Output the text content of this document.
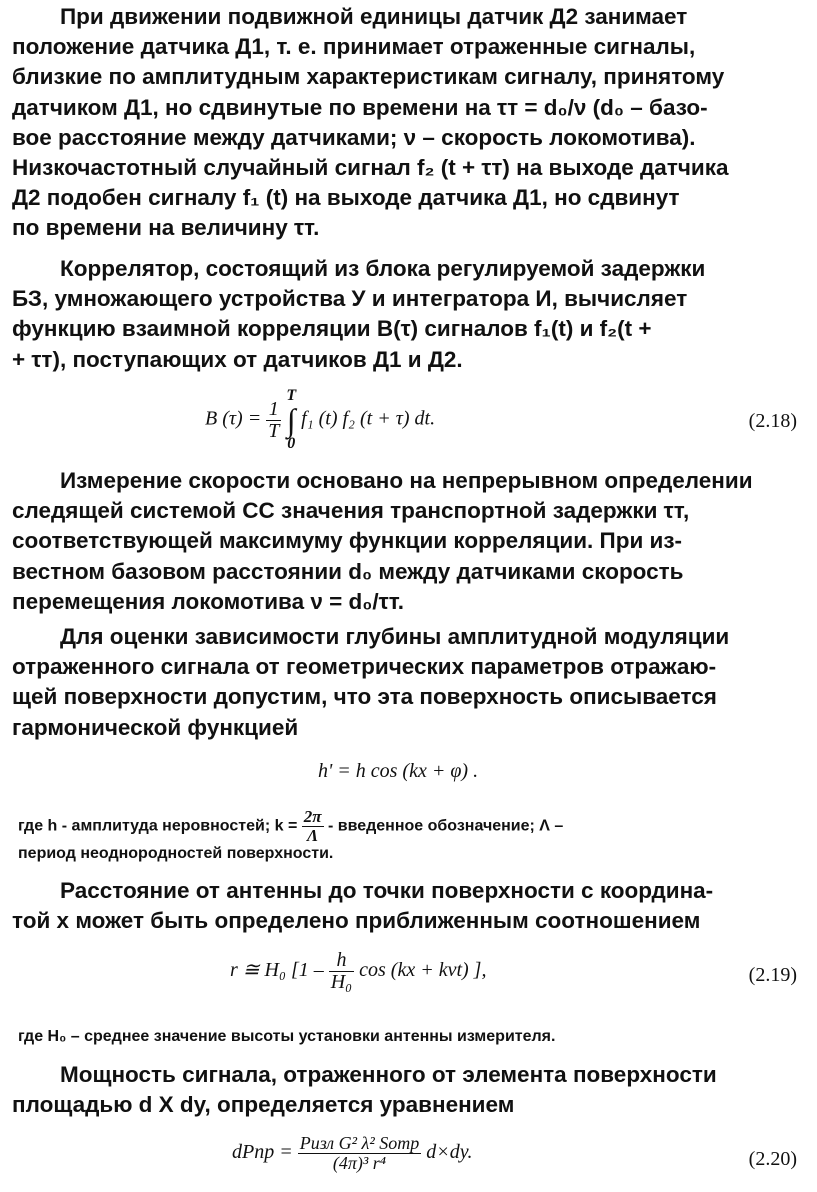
При движении подвижной единицы датчик Д2 занимает
положение датчика Д1, т. е. принимает отраженные сигналы,
близкие по амплитудным характеристикам сигналу, принятому
датчиком Д1, но сдвинутые по времени на τт = d₀/ν (d₀ – базо-
вое расстояние между датчиками; ν – скорость локомотива).
Низкочастотный случайный сигнал f₂ (t + τт) на выходе датчика
Д2 подобен сигналу f₁ (t) на выходе датчика Д1, но сдвинут
по времени на величину τт.
Коррелятор, состоящий из блока регулируемой задержки
БЗ, умножающего устройства У и интегратора И, вычисляет
функцию взаимной корреляции B(τ) сигналов f₁(t) и f₂(t +
+ τт), поступающих от датчиков Д1 и Д2.
B $(\tau) = \frac{1}{T}$

T
∫
0
f₁ (t) f₂ (t + τ) dt.	(2.18)
Измерение скорости основано на непрерывном определении
следящей системой СС значения транспортной задержки τт,
соответствующей максимуму функции корреляции. При из-
вестном базовом расстоянии d₀ между датчиками скорость
перемещения локомотива ν = d₀/τт.
Для оценки зависимости глубины амплитудной модуляции
отраженного сигнала от геометрических параметров отражаю-
щей поверхности допустим, что эта поверхность описывается
гармонической функцией
h' = h cos (kx + φ) .
где h - амплитуда неровностей; $k = \frac{2\pi}{\Lambda}$ - введенное обозначение; Λ –
период неоднородностей поверхности.
Расстояние от антенны до точки поверхности с координа-
той x может быть определено приближенным соотношением
r ≅ H₀ [$1 - \frac{h}{\text{H₀}}$ cos (kx + kνt) ],	(2.19)
где H₀ – среднее значение высоты установки антенны измерителя.
Мощность сигнала, отраженного от элемента поверхности
площадью d X dy, определяется уравнением
dPпр = $\frac{\text{Pизл G² λ² Sотр}}{\text{(4π)³ r⁴}} d\times dy$.	(2.20)
